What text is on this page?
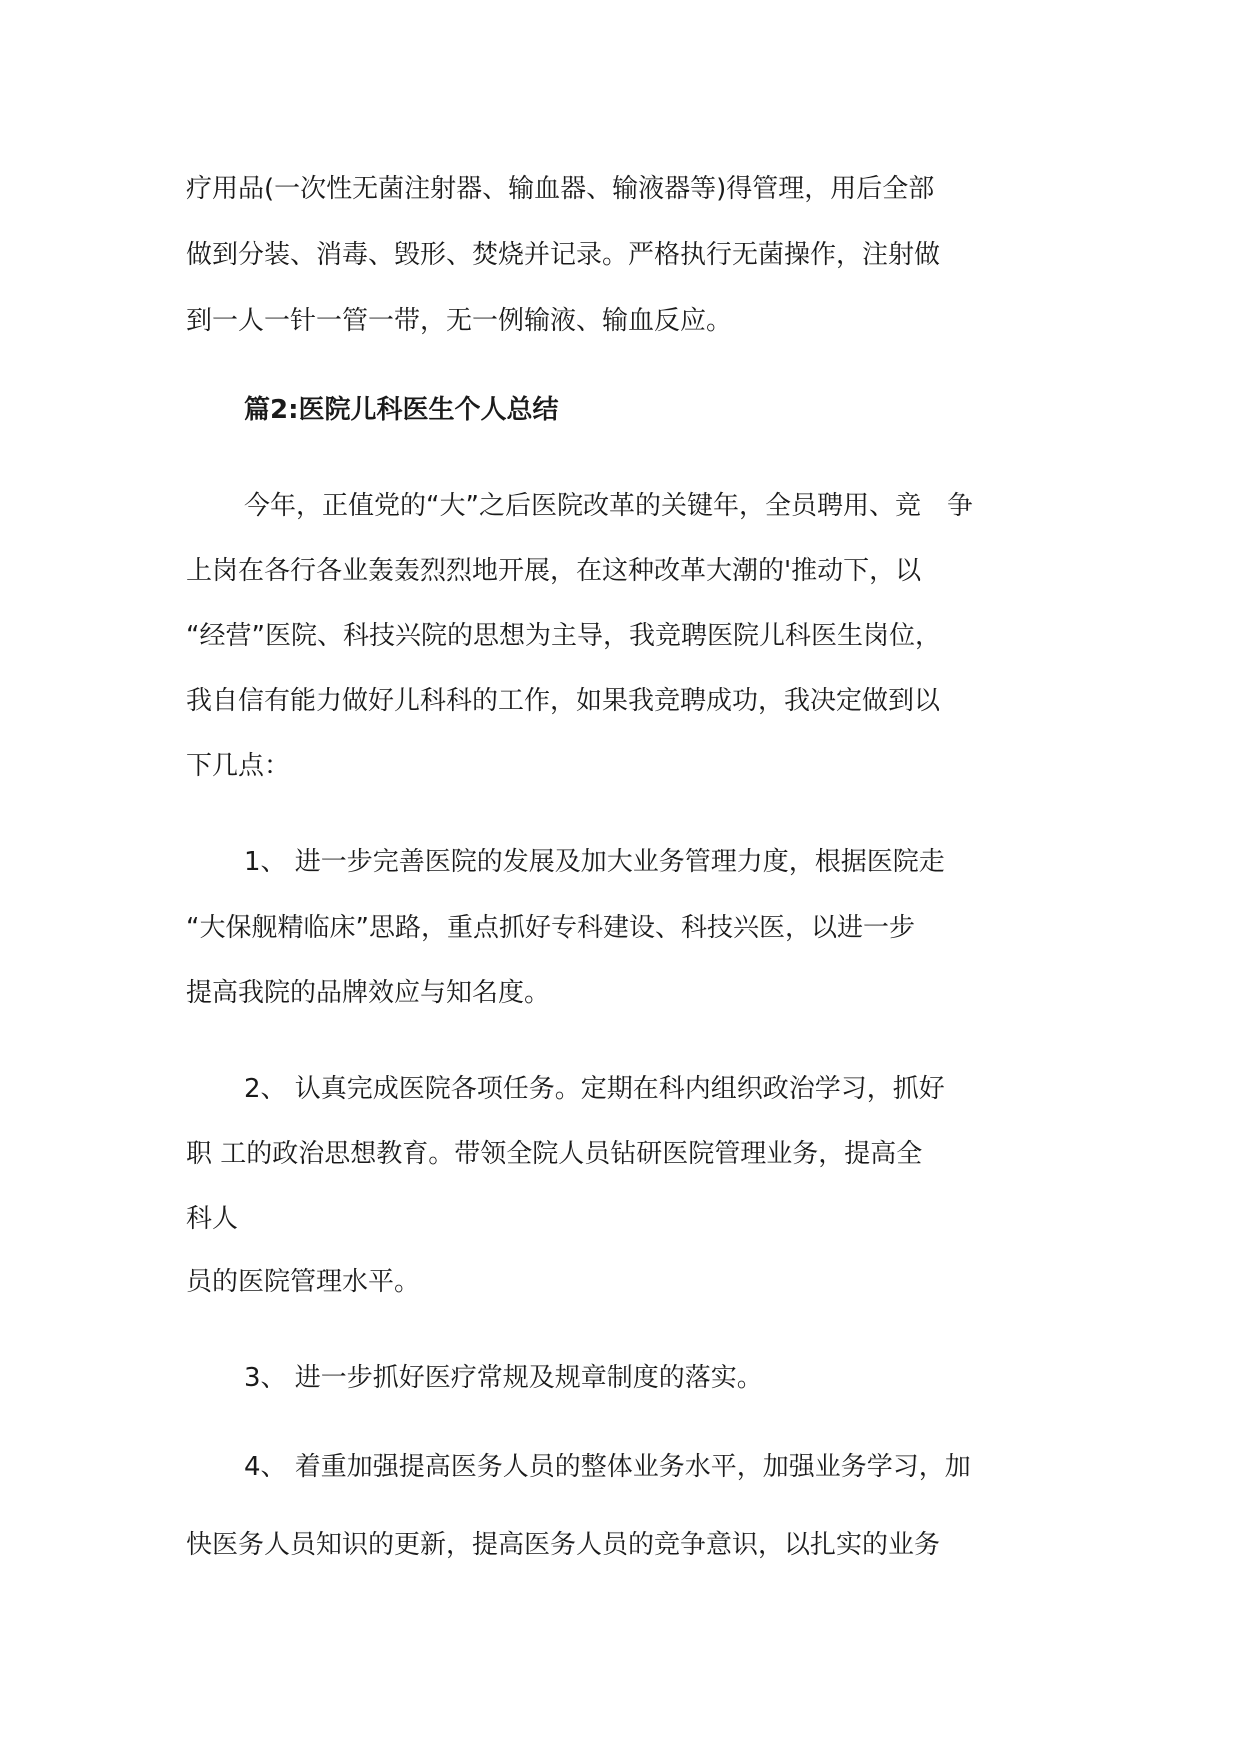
疗用品(一次性无菌注射器、输血器、输液器等)得管理，用后全部
做到分装、消毒、毁形、焚烧并记录。严格执行无菌操作，注射做
到一人一针一管一带，无一例输液、输血反应。
篇2:医院儿科医生个人总结
今年，正值党的“大”之后医院改革的关键年，全员聘用、竞　争
上岗在各行各业轰轰烈烈地开展，在这种改革大潮的'推动下，以
“经营”医院、科技兴院的思想为主导，我竞聘医院儿科医生岗位，
我自信有能力做好儿科科的工作，如果我竞聘成功，我决定做到以
下几点：
1、 进一步完善医院的发展及加大业务管理力度，根据医院走
“大保舰精临床”思路，重点抓好专科建设、科技兴医，以进一步
提高我院的品牌效应与知名度。
2、 认真完成医院各项任务。定期在科内组织政治学习，抓好
职 工的政治思想教育。带领全院人员钻研医院管理业务，提高全
科人
员的医院管理水平。
3、 进一步抓好医疗常规及规章制度的落实。
4、 着重加强提高医务人员的整体业务水平，加强业务学习，加
快医务人员知识的更新，提高医务人员的竞争意识，以扎实的业务
